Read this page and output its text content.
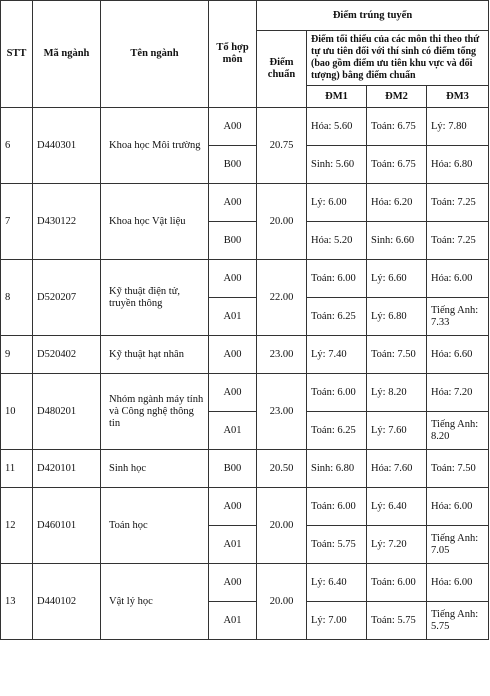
STT	Mã ngành	Tên ngành	Tổ hợp môn	Điểm trúng tuyển			
				Điểm chuẩn	Điểm tối thiểu của các môn thi theo thứ tự ưu tiên đối với thí sinh có điểm tổng (bao gồm điểm ưu tiên khu vực và đối tượng) bằng điểm chuẩn		
					ĐM1	ĐM2	ĐM3
6	D440301	Khoa học Môi trường	A00	20.75	Hóa: 5.60	Toán: 6.75	Lý: 7.80
			B00		Sinh: 5.60	Toán: 6.75	Hóa: 6.80
7	D430122	Khoa học Vật liệu	A00	20.00	Lý: 6.00	Hóa: 6.20	Toán: 7.25
			B00		Hóa: 5.20	Sinh: 6.60	Toán: 7.25
8	D520207	Kỹ thuật điện tử, truyền thông	A00	22.00	Toán: 6.00	Lý: 6.60	Hóa: 6.00
			A01		Toán: 6.25	Lý: 6.80	Tiếng Anh: 7.33
9	D520402	Kỹ thuật hạt nhân	A00	23.00	Lý: 7.40	Toán: 7.50	Hóa: 6.60
10	D480201	Nhóm ngành máy tính và Công nghệ thông tin	A00	23.00	Toán: 6.00	Lý: 8.20	Hóa: 7.20
			A01		Toán: 6.25	Lý: 7.60	Tiếng Anh: 8.20
11	D420101	Sinh học	B00	20.50	Sinh: 6.80	Hóa: 7.60	Toán: 7.50
12	D460101	Toán học	A00	20.00	Toán: 6.00	Lý: 6.40	Hóa: 6.00
			A01		Toán: 5.75	Lý: 7.20	Tiếng Anh: 7.05
13	D440102	Vật lý học	A00	20.00	Lý: 6.40	Toán: 6.00	Hóa: 6.00
			A01		Lý: 7.00	Toán: 5.75	Tiếng Anh: 5.75
